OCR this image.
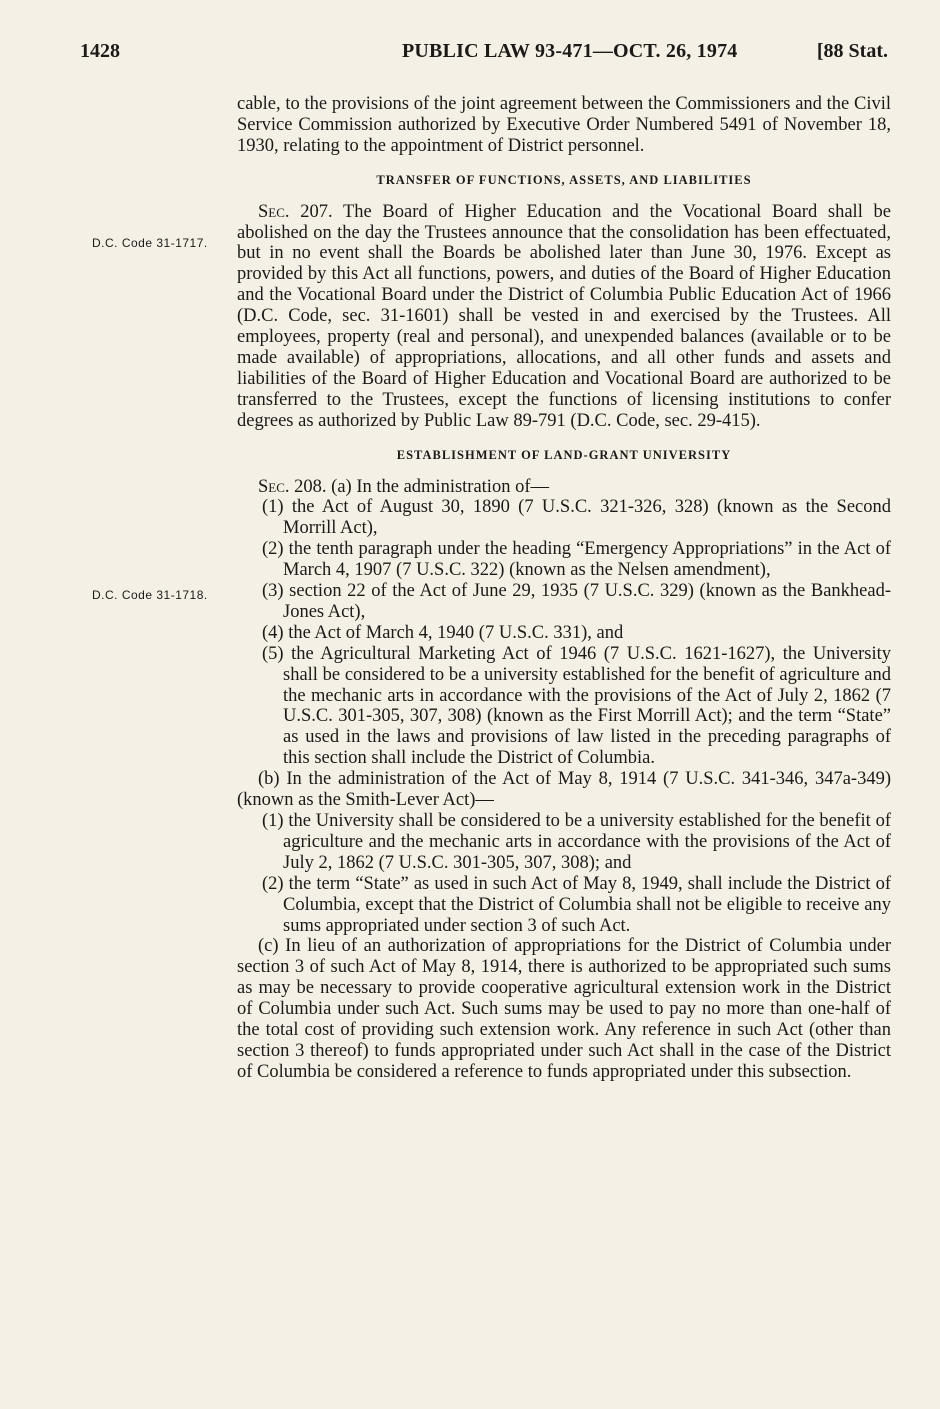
1428	PUBLIC LAW 93-471—OCT. 26, 1974	[88 Stat.
D.C. Code 31-1717.
D.C. Code 31-1718.

cable, to the provisions of the joint agreement between the Commissioners and the Civil Service Commission authorized by Executive Order Numbered 5491 of November 18, 1930, relating to the appointment of District personnel.

TRANSFER OF FUNCTIONS, ASSETS, AND LIABILITIES

Sec. 207. The Board of Higher Education and the Vocational Board shall be abolished on the day the Trustees announce that the consolidation has been effectuated, but in no event shall the Boards be abolished later than June 30, 1976. Except as provided by this Act all functions, powers, and duties of the Board of Higher Education and the Vocational Board under the District of Columbia Public Education Act of 1966 (D.C. Code, sec. 31-1601) shall be vested in and exercised by the Trustees. All employees, property (real and personal), and unexpended balances (available or to be made available) of appropriations, allocations, and all other funds and assets and liabilities of the Board of Higher Education and Vocational Board are authorized to be transferred to the Trustees, except the functions of licensing institutions to confer degrees as authorized by Public Law 89-791 (D.C. Code, sec. 29-415).

ESTABLISHMENT OF LAND-GRANT UNIVERSITY

Sec. 208. (a) In the administration of—

(1) the Act of August 30, 1890 (7 U.S.C. 321-326, 328) (known as the Second Morrill Act),

(2) the tenth paragraph under the heading “Emergency Appropriations” in the Act of March 4, 1907 (7 U.S.C. 322) (known as the Nelsen amendment),

(3) section 22 of the Act of June 29, 1935 (7 U.S.C. 329) (known as the Bankhead-Jones Act),

(4) the Act of March 4, 1940 (7 U.S.C. 331), and

(5) the Agricultural Marketing Act of 1946 (7 U.S.C. 1621-1627), the University shall be considered to be a university established for the benefit of agriculture and the mechanic arts in accordance with the provisions of the Act of July 2, 1862 (7 U.S.C. 301-305, 307, 308) (known as the First Morrill Act); and the term “State” as used in the laws and provisions of law listed in the preceding paragraphs of this section shall include the District of Columbia.

(b) In the administration of the Act of May 8, 1914 (7 U.S.C. 341-346, 347a-349) (known as the Smith-Lever Act)—

(1) the University shall be considered to be a university established for the benefit of agriculture and the mechanic arts in accordance with the provisions of the Act of July 2, 1862 (7 U.S.C. 301-305, 307, 308); and

(2) the term “State” as used in such Act of May 8, 1949, shall include the District of Columbia, except that the District of Columbia shall not be eligible to receive any sums appropriated under section 3 of such Act.

(c) In lieu of an authorization of appropriations for the District of Columbia under section 3 of such Act of May 8, 1914, there is authorized to be appropriated such sums as may be necessary to provide cooperative agricultural extension work in the District of Columbia under such Act. Such sums may be used to pay no more than one-half of the total cost of providing such extension work. Any reference in such Act (other than section 3 thereof) to funds appropriated under such Act shall in the case of the District of Columbia be considered a reference to funds appropriated under this subsection.
